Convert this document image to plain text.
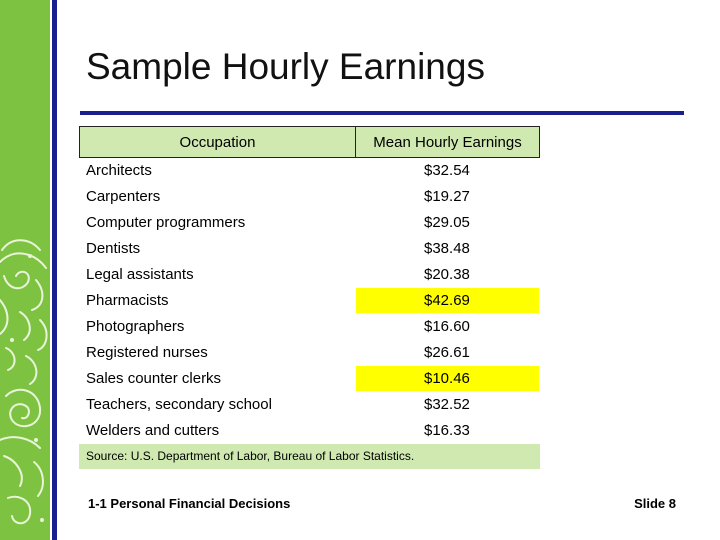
Sample Hourly Earnings
Occupation	Mean Hourly Earnings
Architects	$32.54
Carpenters	$19.27
Computer programmers	$29.05
Dentists	$38.48
Legal assistants	$20.38
Pharmacists	$42.69
Photographers	$16.60
Registered nurses	$26.61
Sales counter clerks	$10.46
Teachers, secondary school	$32.52
Welders and cutters	$16.33
Source: U.S. Department of Labor, Bureau of Labor Statistics.	
1-1 Personal Financial Decisions	Slide 8
